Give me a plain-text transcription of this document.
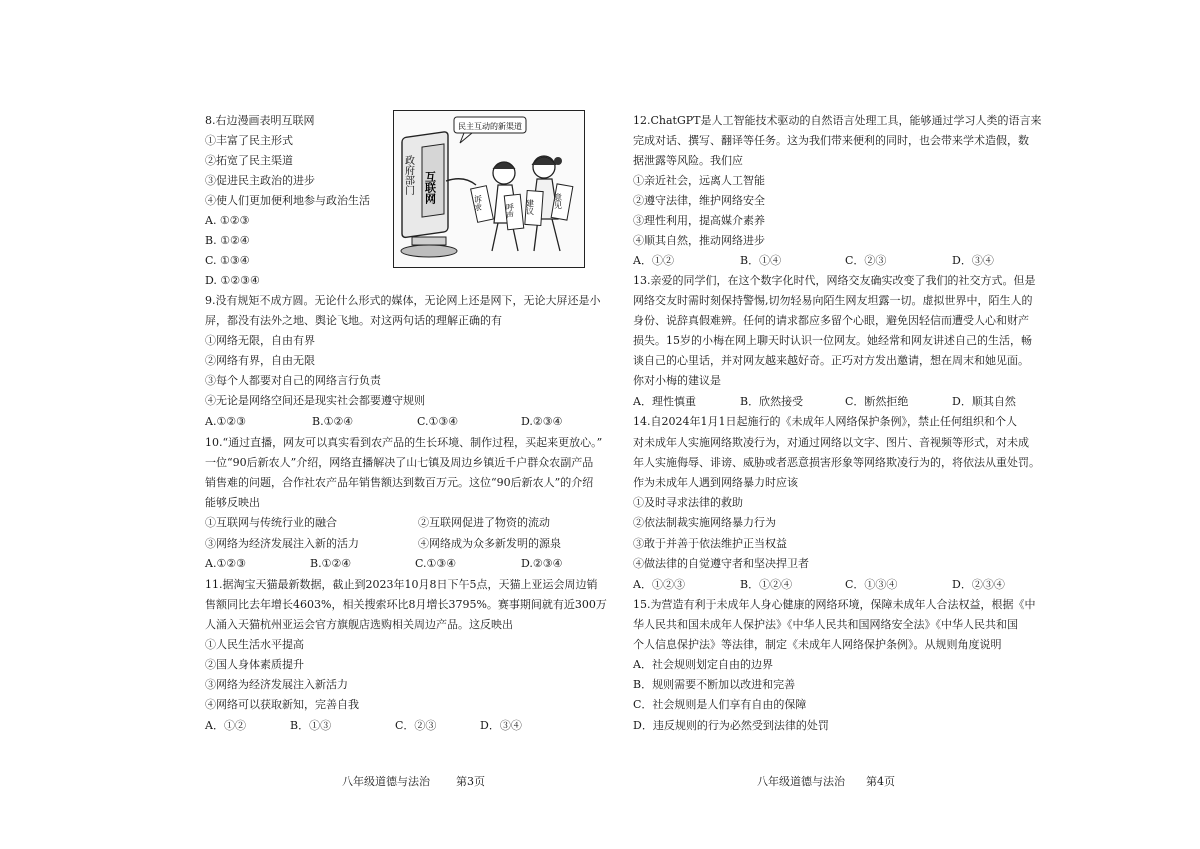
8.右边漫画表明互联网
①丰富了民主形式
②拓宽了民主渠道
③促进民主政治的进步
④使人们更加便利地参与政治生活
A. ①②③
B. ①②④
C. ①③④
D. ①②③④
民主互动的新渠道
政府部门 互联网	诉求	呼声 建议 意见
9.没有规矩不成方圆。无论什么形式的媒体，无论网上还是网下，无论大屏还是小
屏，都没有法外之地、舆论飞地。对这两句话的理解正确的有
①网络无限，自由有界
②网络有界，自由无限
③每个人都要对自己的网络言行负责
④无论是网络空间还是现实社会都要遵守规则
A.①②③	B.①②④	C.①③④	D.②③④
10.“通过直播，网友可以真实看到农产品的生长环境、制作过程，买起来更放心。”
一位“90后新农人”介绍，网络直播解决了山七镇及周边乡镇近千户群众农副产品
销售难的问题，合作社农产品年销售额达到数百万元。这位“90后新农人”的介绍
能够反映出
①互联网与传统行业的融合	②互联网促进了物资的流动
③网络为经济发展注入新的活力	④网络成为众多新发明的源泉
A.①②③	B.①②④	C.①③④	D.②③④
11.据淘宝天猫最新数据，截止到2023年10月8日下午5点，天猫上亚运会周边销
售额同比去年增长4603%，相关搜索环比8月增长3795%。赛事期间就有近300万
人涌入天猫杭州亚运会官方旗舰店选购相关周边产品。这反映出
①人民生活水平提高
②国人身体素质提升
③网络为经济发展注入新活力
④网络可以获取新知，完善自我
A．①②	B．①③	C．②③	D．③④
八年级道德与法治 第3页
12.ChatGPT是人工智能技术驱动的自然语言处理工具，能够通过学习人类的语言来
完成对话、撰写、翻译等任务。这为我们带来便利的同时，也会带来学术造假，数
据泄露等风险。我们应
①亲近社会，远离人工智能
②遵守法律，维护网络安全
③理性利用，提高媒介素养
④顺其自然，推动网络进步
A．①②	B．①④	C．②③	D．③④
13.亲爱的同学们，在这个数字化时代，网络交友确实改变了我们的社交方式。但是
网络交友时需时刻保持警惕,切勿轻易向陌生网友坦露一切。虚拟世界中，陌生人的
身份、说辞真假难辨。任何的请求都应多留个心眼，避免因轻信而遭受人心和财产
损失。15岁的小梅在网上聊天时认识一位网友。她经常和网友讲述自己的生活，畅
谈自己的心里话，并对网友越来越好奇。正巧对方发出邀请，想在周末和她见面。
你对小梅的建议是
A．理性慎重	B．欣然接受	C．断然拒绝	D．顺其自然
14.自2024年1月1日起施行的《未成年人网络保护条例》，禁止任何组织和个人
对未成年人实施网络欺凌行为，对通过网络以文字、图片、音视频等形式，对未成
年人实施侮辱、诽谤、威胁或者恶意损害形象等网络欺凌行为的，将依法从重处罚。
作为未成年人遇到网络暴力时应该
①及时寻求法律的救助
②依法制裁实施网络暴力行为
③敢于并善于依法维护正当权益
④做法律的自觉遵守者和坚决捍卫者
A．①②③	B．①②④	C．①③④	D．②③④
15.为营造有利于未成年人身心健康的网络环境，保障未成年人合法权益，根据《中
华人民共和国未成年人保护法》《中华人民共和国网络安全法》《中华人民共和国
个人信息保护法》等法律，制定《未成年人网络保护条例》。从规则角度说明
A．社会规则划定自由的边界
B．规则需要不断加以改进和完善
C．社会规则是人们享有自由的保障
D．违反规则的行为必然受到法律的处罚
八年级道德与法治 第4页
